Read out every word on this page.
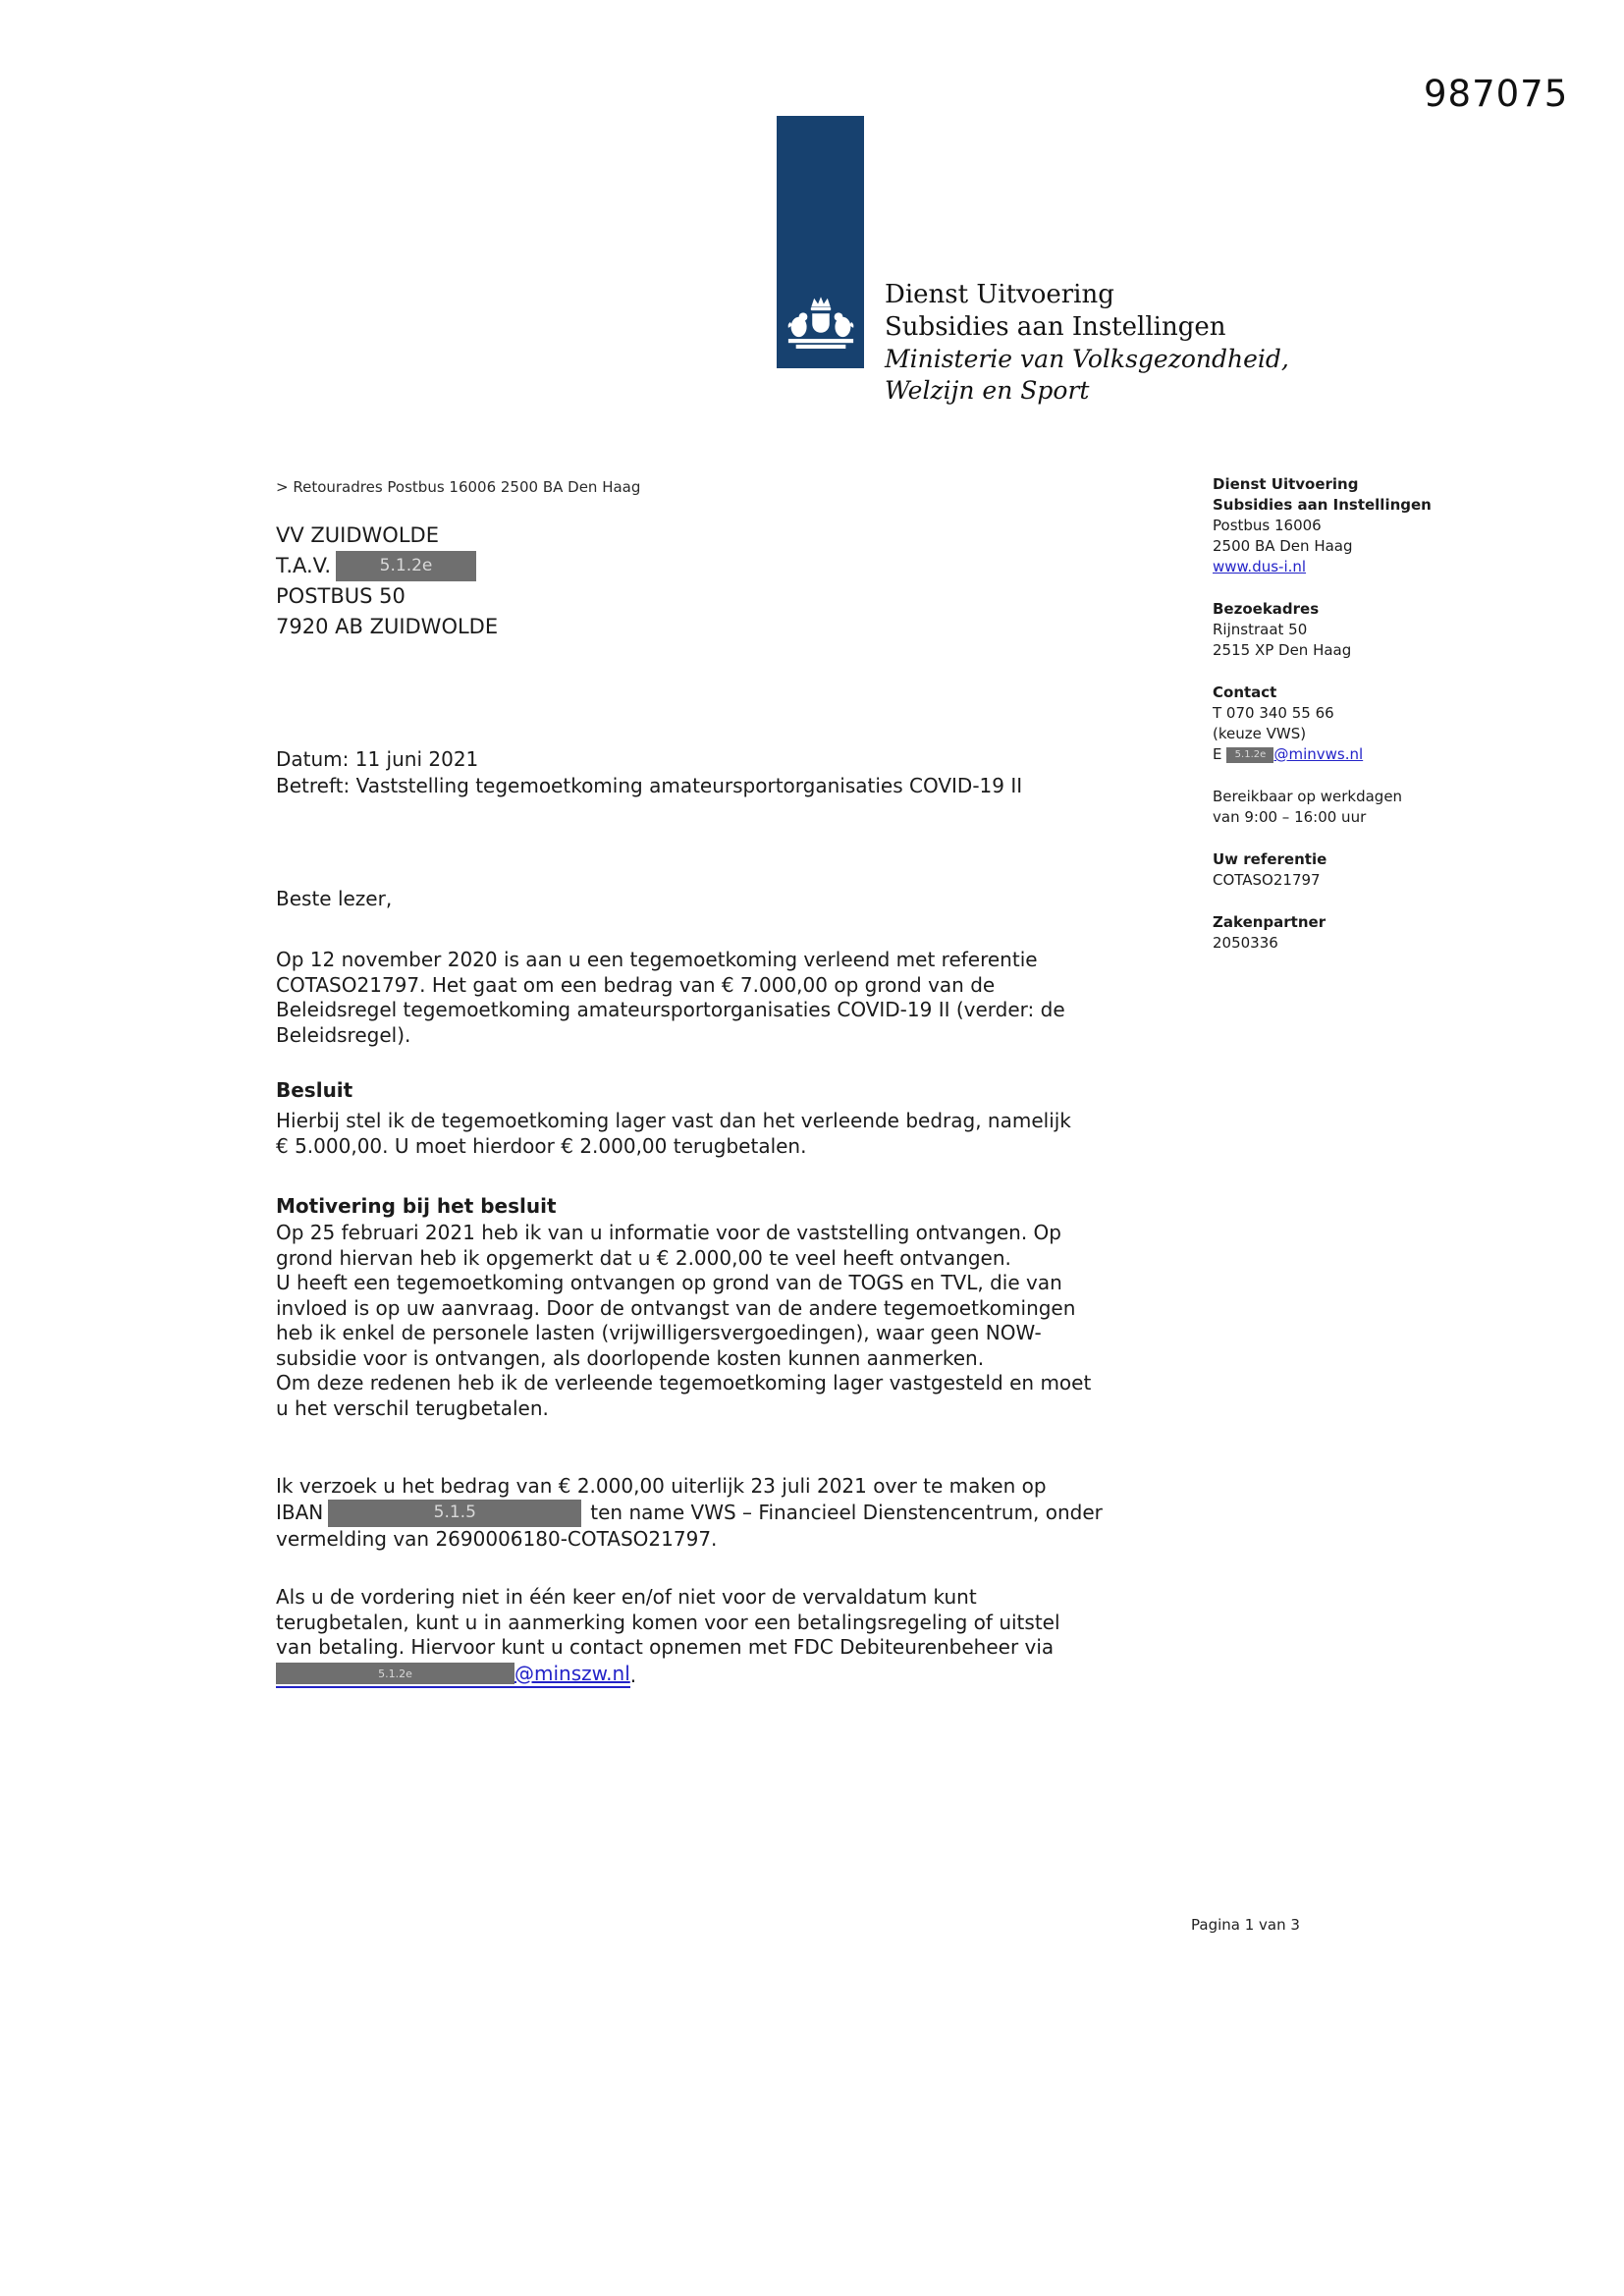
987075
Dienst Uitvoering
Subsidies aan Instellingen
Ministerie van Volksgezondheid,
Welzijn en Sport
> Retouradres Postbus 16006 2500 BA Den Haag
VV ZUIDWOLDE
T.A.V.	5.1.2e
POSTBUS 50
7920 AB ZUIDWOLDE
Datum: 11 juni 2021
Betreft: Vaststelling tegemoetkoming amateursportorganisaties COVID-19 II
Dienst Uitvoering
Subsidies aan Instellingen
Postbus 16006
2500 BA Den Haag
www.dus-i.nl
Bezoekadres
Rijnstraat 50
2515 XP Den Haag
Contact
T 070 340 55 66
(keuze VWS)
E	5.1.2e @minvws.nl
Bereikbaar op werkdagen
van 9:00 – 16:00 uur
Uw referentie
COTASO21797
Zakenpartner
2050336
Beste lezer,
Op 12 november 2020 is aan u een tegemoetkoming verleend met referentie
COTASO21797. Het gaat om een bedrag van € 7.000,00 op grond van de
Beleidsregel tegemoetkoming amateursportorganisaties COVID-19 II (verder: de
Beleidsregel).
Besluit
Hierbij stel ik de tegemoetkoming lager vast dan het verleende bedrag, namelijk
€ 5.000,00. U moet hierdoor € 2.000,00 terugbetalen.
Motivering bij het besluit
Op 25 februari 2021 heb ik van u informatie voor de vaststelling ontvangen. Op
grond hiervan heb ik opgemerkt dat u € 2.000,00 te veel heeft ontvangen.
U heeft een tegemoetkoming ontvangen op grond van de TOGS en TVL, die van
invloed is op uw aanvraag. Door de ontvangst van de andere tegemoetkomingen
heb ik enkel de personele lasten (vrijwilligersvergoedingen), waar geen NOW-
subsidie voor is ontvangen, als doorlopende kosten kunnen aanmerken.
Om deze redenen heb ik de verleende tegemoetkoming lager vastgesteld en moet
u het verschil terugbetalen.
Ik verzoek u het bedrag van € 2.000,00 uiterlijk 23 juli 2021 over te maken op
IBAN	5.1.5	ten name VWS – Financieel Dienstencentrum, onder
vermelding van 2690006180-COTASO21797.
Als u de vordering niet in één keer en/of niet voor de vervaldatum kunt
terugbetalen, kunt u in aanmerking komen voor een betalingsregeling of uitstel
van betaling. Hiervoor kunt u contact opnemen met FDC Debiteurenbeheer via
5.1.2e	@minszw.nl .
Pagina 1 van 3
